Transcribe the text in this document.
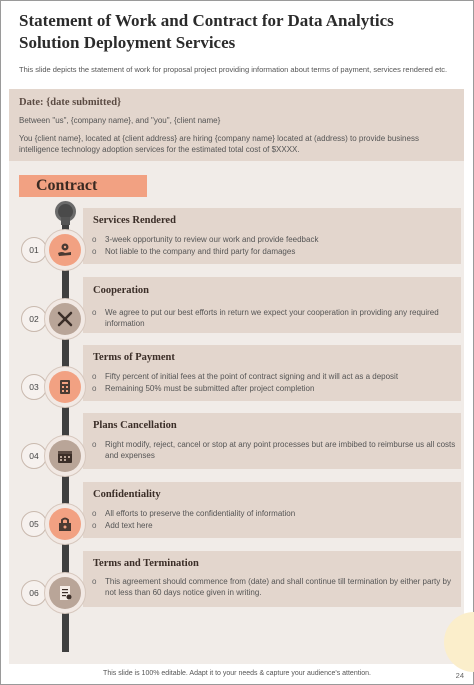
Statement of Work and Contract for Data Analytics
Solution Deployment Services
This slide depicts the statement of work for proposal project providing information about terms of payment, services rendered etc.
Date: {date submitted}
Between "us", {company name}, and "you", {client name}
You {client name}, located at {client address} are hiring {company name} located at (address) to provide business intelligence technology adoption services for the estimated total cost of $XXXX.
Contract
Services Rendered
o 3-week opportunity to review our work and provide feedback
o Not liable to the company and third party for damages
01
Cooperation
o We agree to put our best efforts in return we expect your cooperation in providing any required information
02
Terms of Payment
o Fifty percent of initial fees at the point of contract signing and it will act as a deposit
o Remaining 50% must be submitted after project completion
03
Plans Cancellation
o Right modify, reject, cancel or stop at any point processes but are imbibed to reimburse us all costs and expenses
04
Confidentiality
o All efforts to preserve the confidentiality of information
o Add text here
05
Terms and Termination
o This agreement should commence from (date) and shall continue till termination by either party by not less than 60 days notice given in writing.
06
This slide is 100% editable. Adapt it to your needs & capture your audience's attention.	24
